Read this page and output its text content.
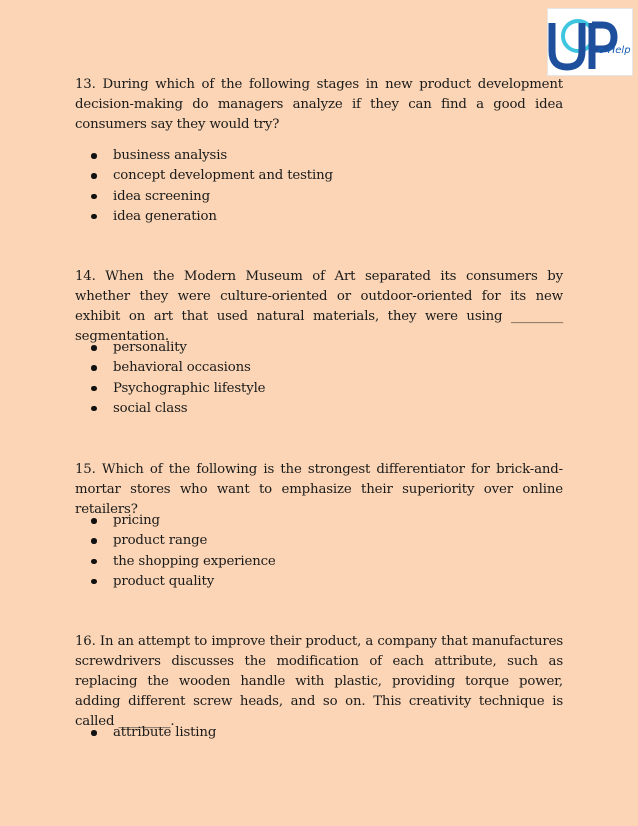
e-Help

13. During which of the following stages in new product development decision-making do managers analyze if they can find a good idea consumers say they would try?

business analysis
concept development and testing
idea screening
idea generation

14. When the Modern Museum of Art separated its consumers by whether they were culture-oriented or outdoor-oriented for its new exhibit on art that used natural materials, they were using ________ segmentation.

personality
behavioral occasions
Psychographic lifestyle
social class

15. Which of the following is the strongest differentiator for brick-and-mortar stores who want to emphasize their superiority over online retailers?

pricing
product range
the shopping experience
product quality

16. In an attempt to improve their product, a company that manufactures screwdrivers discusses the modification of each attribute, such as replacing the wooden handle with plastic, providing torque power, adding different screw heads, and so on. This creativity technique is called ________.

attribute listing
